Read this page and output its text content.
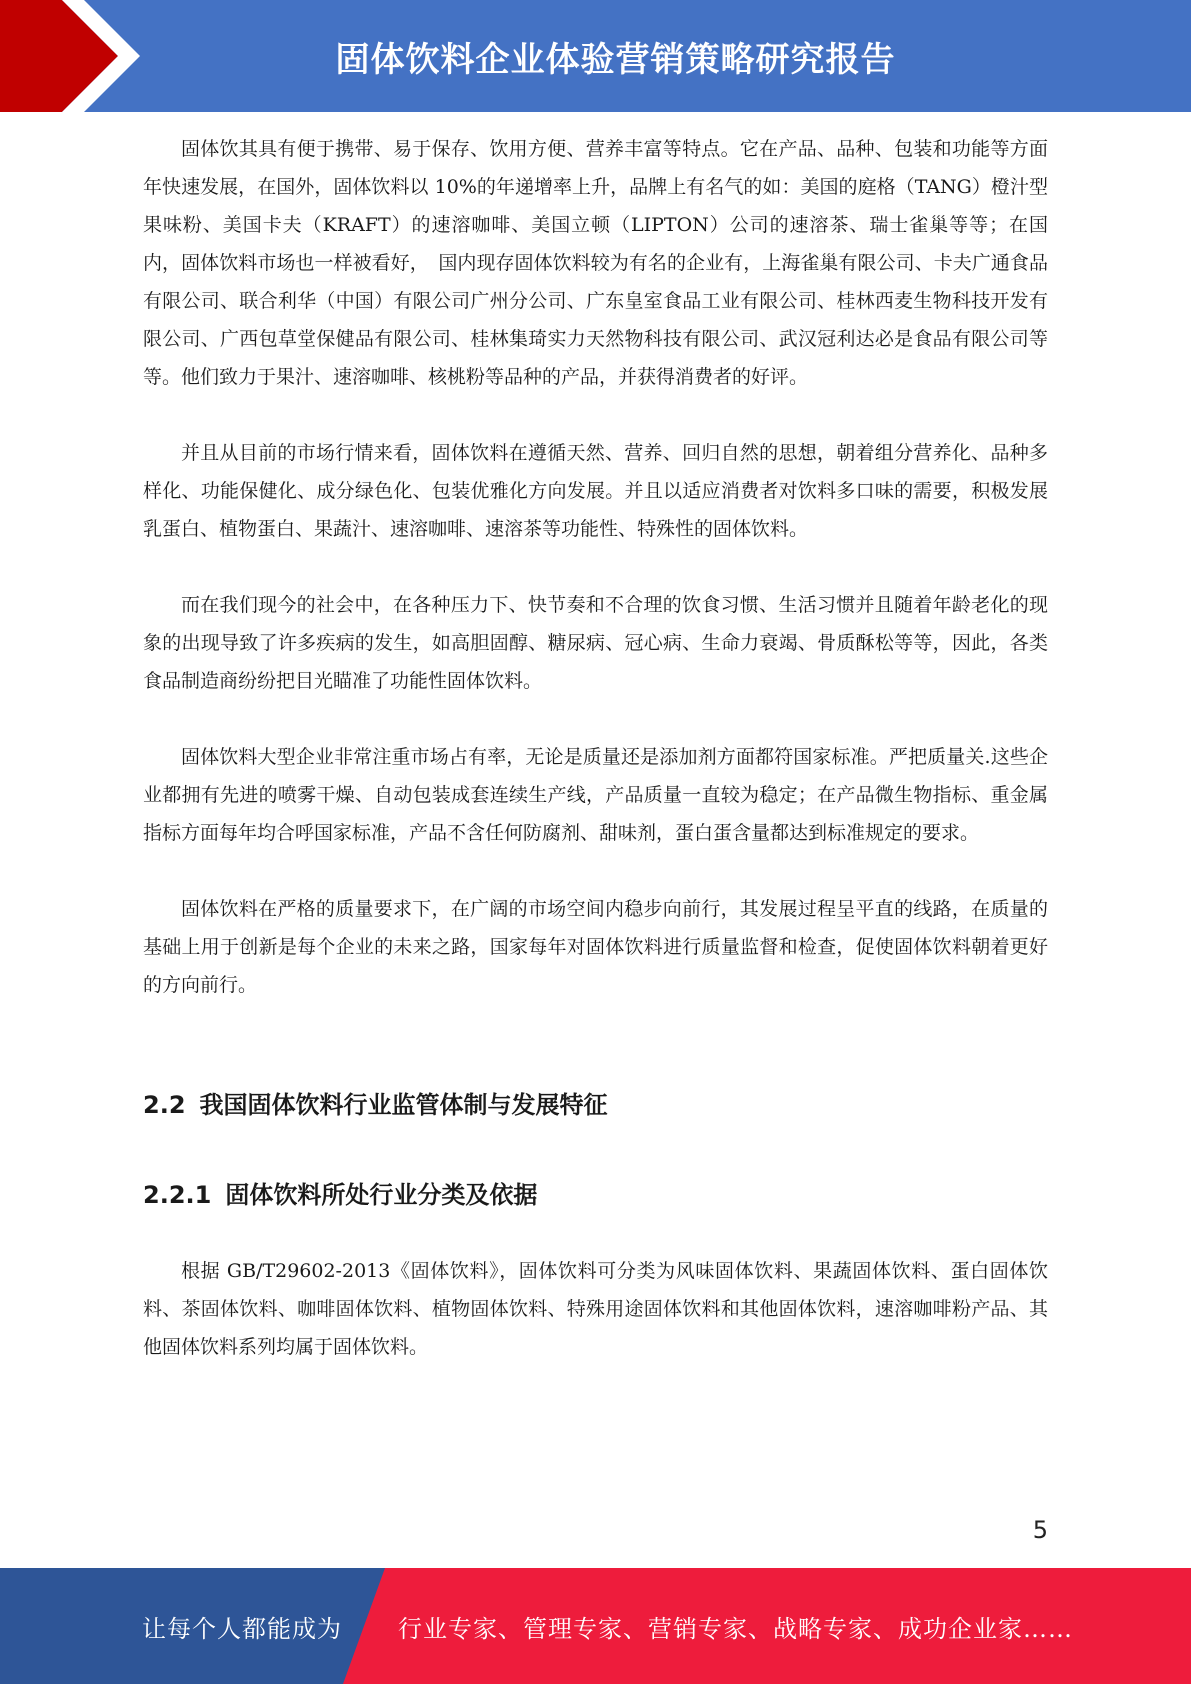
固体饮料企业体验营销策略研究报告

固体饮其具有便于携带、易于保存、饮用方便、营养丰富等特点。它在产品、品种、包装和功能等方面年快速发展，在国外，固体饮料以 10%的年递增率上升，品牌上有名气的如：美国的庭格（TANG）橙汁型果味粉、美国卡夫（KRAFT）的速溶咖啡、美国立顿（LIPTON）公司的速溶茶、瑞士雀巢等等；在国内，固体饮料市场也一样被看好，　国内现存固体饮料较为有名的企业有，上海雀巢有限公司、卡夫广通食品有限公司、联合利华（中国）有限公司广州分公司、广东皇室食品工业有限公司、桂林西麦生物科技开发有限公司、广西包草堂保健品有限公司、桂林集琦实力天然物科技有限公司、武汉冠利达必是食品有限公司等等。他们致力于果汁、速溶咖啡、核桃粉等品种的产品，并获得消费者的好评。

并且从目前的市场行情来看，固体饮料在遵循天然、营养、回归自然的思想，朝着组分营养化、品种多样化、功能保健化、成分绿色化、包装优雅化方向发展。并且以适应消费者对饮料多口味的需要，积极发展乳蛋白、植物蛋白、果蔬汁、速溶咖啡、速溶茶等功能性、特殊性的固体饮料。

而在我们现今的社会中，在各种压力下、快节奏和不合理的饮食习惯、生活习惯并且随着年龄老化的现象的出现导致了许多疾病的发生，如高胆固醇、糖尿病、冠心病、生命力衰竭、骨质酥松等等，因此，各类食品制造商纷纷把目光瞄准了功能性固体饮料。

固体饮料大型企业非常注重市场占有率，无论是质量还是添加剂方面都符国家标准。严把质量关.这些企业都拥有先进的喷雾干燥、自动包装成套连续生产线，产品质量一直较为稳定；在产品微生物指标、重金属指标方面每年均合呼国家标准，产品不含任何防腐剂、甜味剂，蛋白蛋含量都达到标准规定的要求。

固体饮料在严格的质量要求下，在广阔的市场空间内稳步向前行，其发展过程呈平直的线路，在质量的基础上用于创新是每个企业的未来之路，国家每年对固体饮料进行质量监督和检查，促使固体饮料朝着更好的方向前行。

2.2 我国固体饮料行业监管体制与发展特征
2.2.1 固体饮料所处行业分类及依据

根据 GB/T29602-2013《固体饮料》，固体饮料可分类为风味固体饮料、果蔬固体饮料、蛋白固体饮料、茶固体饮料、咖啡固体饮料、植物固体饮料、特殊用途固体饮料和其他固体饮料，速溶咖啡粉产品、其他固体饮料系列均属于固体饮料。

5
让每个人都能成为 行业专家、管理专家、营销专家、战略专家、成功企业家……
